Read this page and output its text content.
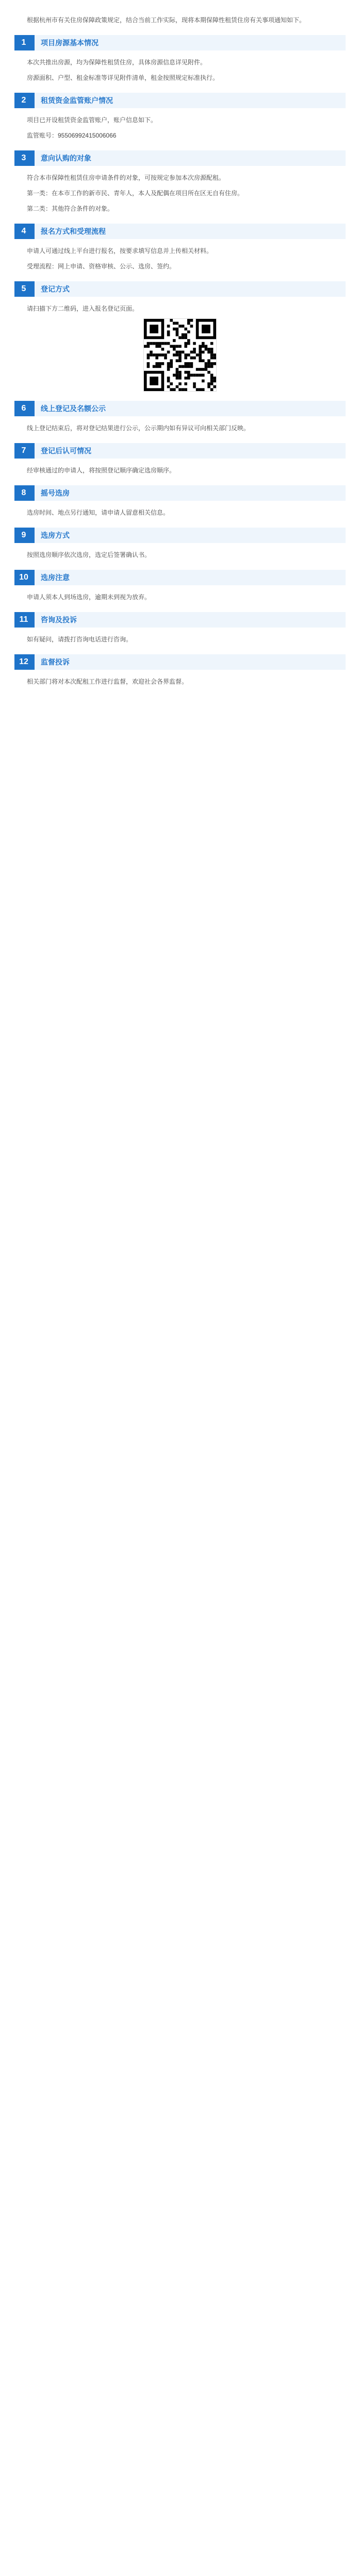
根据杭州市有关住房保障政策规定，结合当前工作实际，现将本期保障性租赁住房有关事项通知如下。

1	项目房源基本情况

本次共推出房源，均为保障性租赁住房，具体房源信息详见附件。

房源面积、户型、租金标准等详见附件清单，租金按照规定标准执行。

2	租赁资金监管账户情况

项目已开设租赁资金监管账户，账户信息如下。

监管账号：95506992415006066

3	意向认购的对象

符合本市保障性租赁住房申请条件的对象，可按规定参加本次房源配租。

第一类：在本市工作的新市民、青年人，本人及配偶在项目所在区无自有住房。

第二类：其他符合条件的对象。

4	报名方式和受理流程

申请人可通过线上平台进行报名，按要求填写信息并上传相关材料。

受理流程：网上申请、资格审核、公示、选房、签约。

5	登记方式

请扫描下方二维码，进入报名登记页面。

6	线上登记及名额公示

线上登记结束后，将对登记结果进行公示，公示期内如有异议可向相关部门反映。

7	登记后认可情况

经审核通过的申请人，将按照登记顺序确定选房顺序。

8	摇号选房

选房时间、地点另行通知，请申请人留意相关信息。

9	选房方式

按照选房顺序依次选房，选定后签署确认书。

10	选房注意

申请人须本人到场选房，逾期未到视为放弃。

11	咨询及投诉

如有疑问，请拨打咨询电话进行咨询。

12	监督投诉

相关部门将对本次配租工作进行监督，欢迎社会各界监督。
